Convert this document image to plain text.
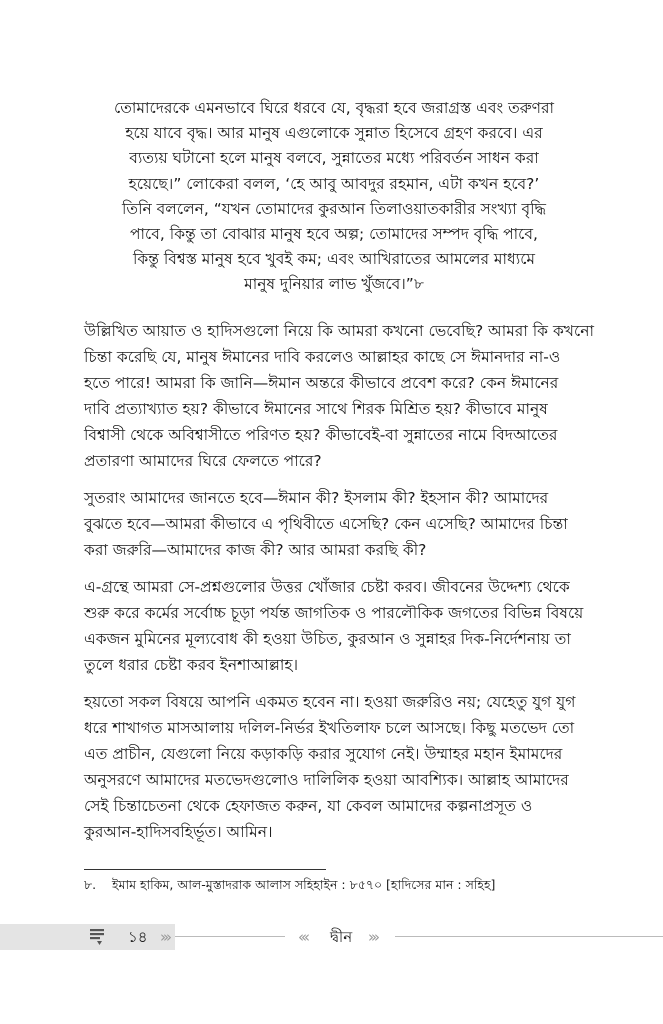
তোমাদেরকে এমনভাবে ঘিরে ধরবে যে, বৃদ্ধরা হবে জরাগ্রস্ত এবং তরুণরা

হয়ে যাবে বৃদ্ধ। আর মানুষ এগুলোকে সুন্নাত হিসেবে গ্রহণ করবে। এর

ব্যত্যয় ঘটানো হলে মানুষ বলবে, সুন্নাতের মধ্যে পরিবর্তন সাধন করা

হয়েছে।” লোকেরা বলল, ‘হে আবু আবদুর রহমান, এটা কখন হবে?’

তিনি বললেন, “যখন তোমাদের কুরআন তিলাওয়াতকারীর সংখ্যা বৃদ্ধি

পাবে, কিন্তু তা বোঝার মানুষ হবে অল্প; তোমাদের সম্পদ বৃদ্ধি পাবে,

কিন্তু বিশ্বস্ত মানুষ হবে খুবই কম; এবং আখিরাতের আমলের মাধ্যমে

মানুষ দুনিয়ার লাভ খুঁজবে।”৮

উল্লিখিত আয়াত ও হাদিসগুলো নিয়ে কি আমরা কখনো ভেবেছি? আমরা কি কখনো

চিন্তা করেছি যে, মানুষ ঈমানের দাবি করলেও আল্লাহর কাছে সে ঈমানদার না-ও

হতে পারে! আমরা কি জানি—ঈমান অন্তরে কীভাবে প্রবেশ করে? কেন ঈমানের

দাবি প্রত্যাখ্যাত হয়? কীভাবে ঈমানের সাথে শিরক মিশ্রিত হয়? কীভাবে মানুষ

বিশ্বাসী থেকে অবিশ্বাসীতে পরিণত হয়? কীভাবেই-বা সুন্নাতের নামে বিদআতের

প্রতারণা আমাদের ঘিরে ফেলতে পারে?

সুতরাং আমাদের জানতে হবে—ঈমান কী? ইসলাম কী? ইহসান কী? আমাদের

বুঝতে হবে—আমরা কীভাবে এ পৃথিবীতে এসেছি? কেন এসেছি? আমাদের চিন্তা

করা জরুরি—আমাদের কাজ কী? আর আমরা করছি কী?

এ-গ্রন্থে আমরা সে-প্রশ্নগুলোর উত্তর খোঁজার চেষ্টা করব। জীবনের উদ্দেশ্য থেকে

শুরু করে কর্মের সর্বোচ্চ চূড়া পর্যন্ত জাগতিক ও পারলৌকিক জগতের বিভিন্ন বিষয়ে

একজন মুমিনের মূল্যবোধ কী হওয়া উচিত, কুরআন ও সুন্নাহর দিক-নির্দেশনায় তা

তুলে ধরার চেষ্টা করব ইনশাআল্লাহ।

হয়তো সকল বিষয়ে আপনি একমত হবেন না। হওয়া জরুরিও নয়; যেহেতু যুগ যুগ

ধরে শাখাগত মাসআলায় দলিল-নির্ভর ইখতিলাফ চলে আসছে। কিছু মতভেদ তো

এত প্রাচীন, যেগুলো নিয়ে কড়াকড়ি করার সুযোগ নেই। উম্মাহর মহান ইমামদের

অনুসরণে আমাদের মতভেদগুলোও দালিলিক হওয়া আবশ্যিক। আল্লাহ আমাদের

সেই চিন্তাচেতনা থেকে হেফাজত করুন, যা কেবল আমাদের কল্পনাপ্রসূত ও

কুরআন-হাদিসবহির্ভূত। আমিন।

৮. ইমাম হাকিম, আল-মুস্তাদরাক আলাস সহিহাইন : ৮৫৭০ [হাদিসের মান : সহিহ]
১৪ ›››	‹‹‹ দ্বীন ›››
